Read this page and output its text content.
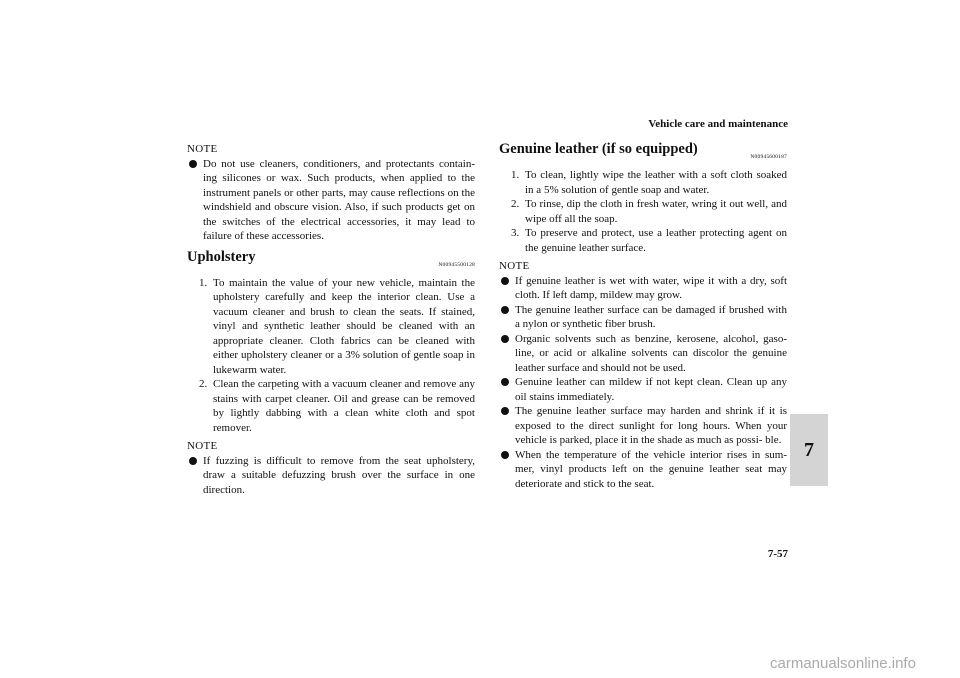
Vehicle care and maintenance
NOTE
Do not use cleaners, conditioners, and protectants contain- ing silicones or wax. Such products, when applied to the instrument panels or other parts, may cause reflections on the windshield and obscure vision. Also, if such products get on the switches of the electrical accessories, it may lead to failure of these accessories.
Upholstery	N00945500128
1. To maintain the value of your new vehicle, maintain the upholstery carefully and keep the interior clean. Use a vacuum cleaner and brush to clean the seats. If stained, vinyl and synthetic leather should be cleaned with an appropriate cleaner. Cloth fabrics can be cleaned with either upholstery cleaner or a 3% solution of gentle soap in lukewarm water.
2. Clean the carpeting with a vacuum cleaner and remove any stains with carpet cleaner. Oil and grease can be removed by lightly dabbing with a clean white cloth and spot remover.
NOTE
If fuzzing is difficult to remove from the seat upholstery, draw a suitable defuzzing brush over the surface in one direction.
Genuine leather (if so equipped)	N00945600187
1. To clean, lightly wipe the leather with a soft cloth soaked in a 5% solution of gentle soap and water.
2. To rinse, dip the cloth in fresh water, wring it out well, and wipe off all the soap.
3. To preserve and protect, use a leather protecting agent on the genuine leather surface.
NOTE
If genuine leather is wet with water, wipe it with a dry, soft cloth. If left damp, mildew may grow.
The genuine leather surface can be damaged if brushed with a nylon or synthetic fiber brush.
Organic solvents such as benzine, kerosene, alcohol, gaso- line, or acid or alkaline solvents can discolor the genuine leather surface and should not be used.
Genuine leather can mildew if not kept clean. Clean up any oil stains immediately.
The genuine leather surface may harden and shrink if it is exposed to the direct sunlight for long hours. When your vehicle is parked, place it in the shade as much as possi- ble.
When the temperature of the vehicle interior rises in sum- mer, vinyl products left on the genuine leather seat may deteriorate and stick to the seat.
7
7-57
carmanualsonline.info
